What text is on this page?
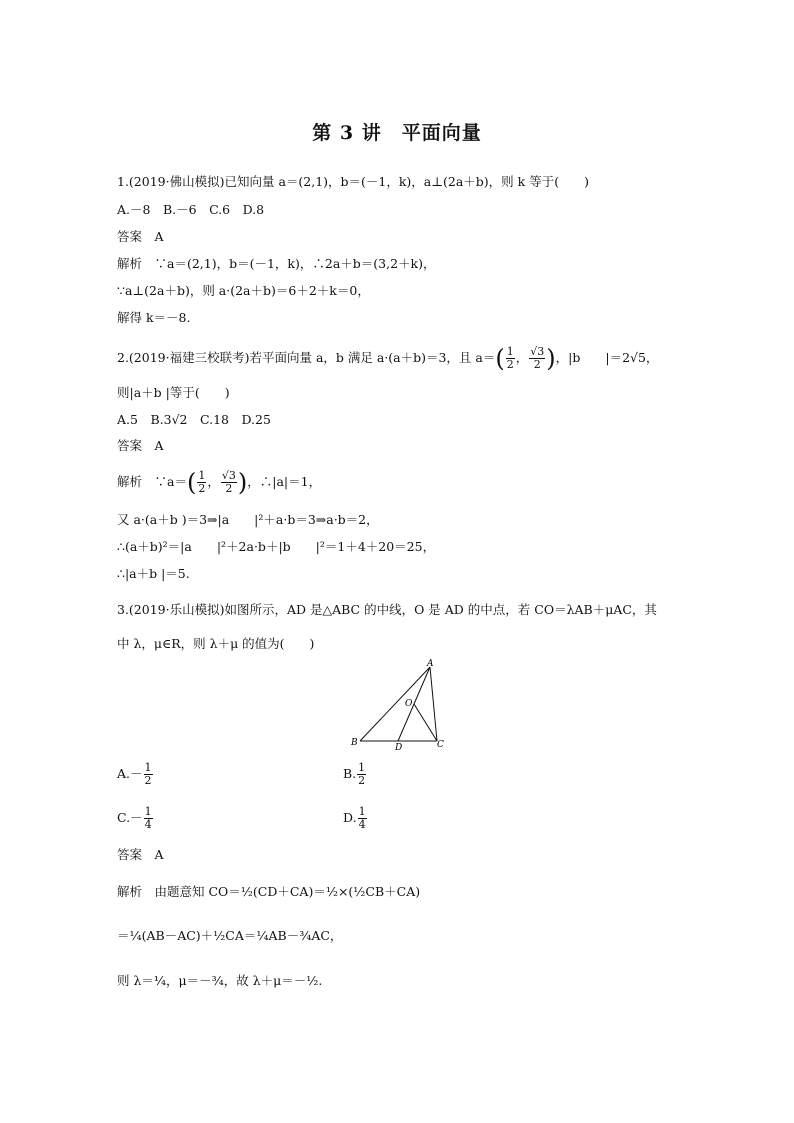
第 3 讲　平面向量
1.(2019·佛山模拟)已知向量 a＝(2,1)，b＝(－1，k)，a⊥(2a＋b)，则 k 等于(　　)
A.－8　B.－6　C.6　D.8
答案　A
解析　∵a＝(2,1)，b＝(－1，k)，∴2a＋b＝(3,2＋k)，
∵a⊥(2a＋b)，则 a·(2a＋b)＝6＋2＋k＝0，
解得 k＝－8.
2.(2019·福建三校联考)若平面向量 a，b 满足 a·(a＋b)＝3，且 $a=( \frac{1}{2}$ ， $\frac{√3}{2}$ )，|b　　|＝2√5，
则|a＋b |等于(　　)
A.5　B.3√2　C.18　D.25
答案　A
解析　∵a＝( $\frac{1}{2}$ ， $\frac{√3}{2}$ )，∴|a|＝1，
又 a·(a＋b )＝3⇒|a　　|²＋a·b＝3⇒a·b＝2，
∴(a＋b)²＝|a　　|²＋2a·b＋|b　　|²＝1＋4＋20＝25，
∴|a＋b |＝5.
3.(2019·乐山模拟)如图所示，AD 是△ABC 的中线，O 是 AD 的中点，若 CO＝λAB＋μAC，其
中 λ，μ∈R，则 λ＋μ 的值为(　　)
A
B	C
D
O
$A.- \frac{1}{2}$	B. $\frac{1}{2}$
$C.- \frac{1}{4}$	D. $\frac{1}{4}$
答案　A
解析　由题意知 CO＝½(CD＋CA)＝½×(½CB＋CA)
＝¼(AB－AC)＋½CA＝¼AB－¾AC，
则 λ＝¼，μ＝－¾，故 λ＋μ＝－½.
